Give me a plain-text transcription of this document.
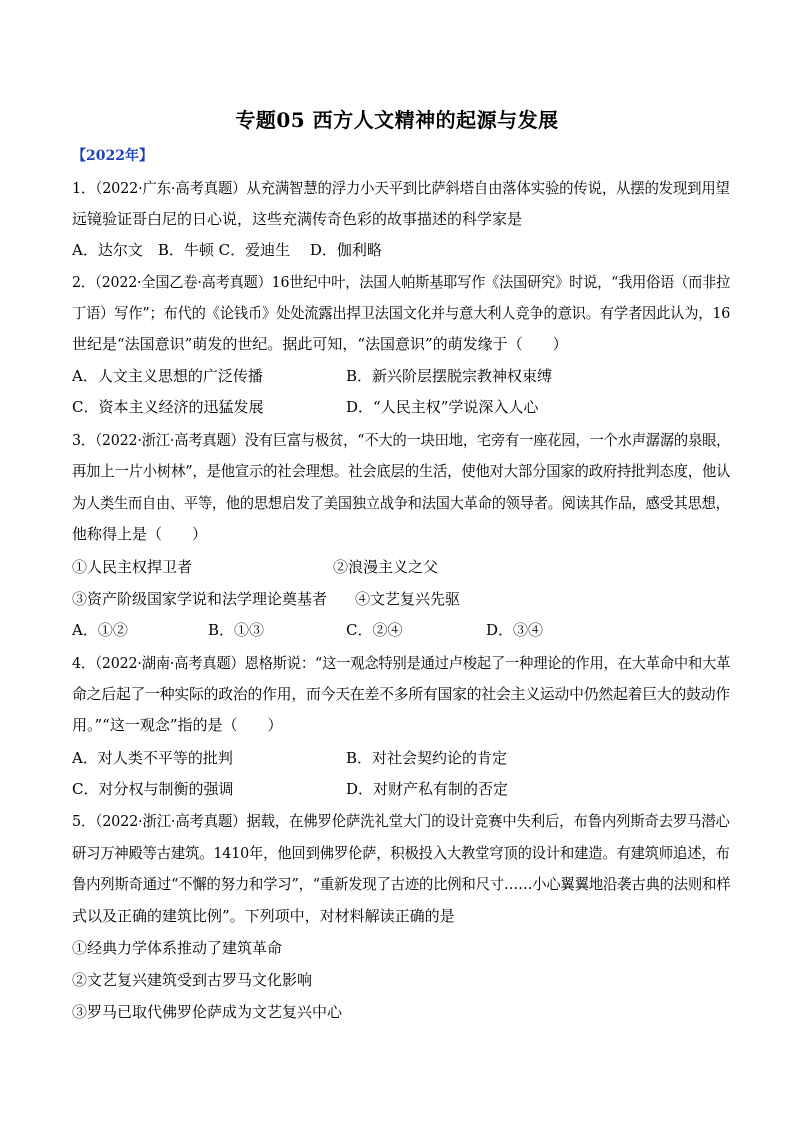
专题05 西方人文精神的起源与发展
【2022年】
1．（2022·广东·高考真题）从充满智慧的浮力小天平到比萨斜塔自由落体实验的传说，从摆的发现到用望
远镜验证哥白尼的日心说，这些充满传奇色彩的故事描述的科学家是
A．达尔文　B．牛顿 C．爱迪生　 D．伽利略
2．（2022·全国乙卷·高考真题）16世纪中叶，法国人帕斯基耶写作《法国研究》时说，“我用俗语（而非拉
丁语）写作”；布代的《论钱币》处处流露出捍卫法国文化并与意大利人竞争的意识。有学者因此认为，16
世纪是“法国意识”萌发的世纪。据此可知，“法国意识”的萌发缘于（　　）
A．人文主义思想的广泛传播	B．新兴阶层摆脱宗教神权束缚
C．资本主义经济的迅猛发展	D．“人民主权”学说深入人心
3．（2022·浙江·高考真题）没有巨富与极贫，“不大的一块田地，宅旁有一座花园，一个水声潺潺的泉眼，
再加上一片小树林”，是他宣示的社会理想。社会底层的生活，使他对大部分国家的政府持批判态度，他认
为人类生而自由、平等，他的思想启发了美国独立战争和法国大革命的领导者。阅读其作品，感受其思想，
他称得上是（　　）
①人民主权捍卫者	②浪漫主义之父
③资产阶级国家学说和法学理论奠基者 ④文艺复兴先驱
A．①②	B．①③	C．②④	D．③④
4．（2022·湖南·高考真题）恩格斯说：“这一观念特别是通过卢梭起了一种理论的作用，在大革命中和大革
命之后起了一种实际的政治的作用，而今天在差不多所有国家的社会主义运动中仍然起着巨大的鼓动作
用。”“这一观念”指的是（　　）
A．对人类不平等的批判	B．对社会契约论的肯定
C．对分权与制衡的强调	D．对财产私有制的否定
5．（2022·浙江·高考真题）据载，在佛罗伦萨洗礼堂大门的设计竞赛中失利后，布鲁内列斯奇去罗马潜心
研习万神殿等古建筑。1410年，他回到佛罗伦萨，积极投入大教堂穹顶的设计和建造。有建筑师追述，布
鲁内列斯奇通过“不懈的努力和学习”，“重新发现了古迹的比例和尺寸……小心翼翼地沿袭古典的法则和样
式以及正确的建筑比例”。下列项中，对材料解读正确的是
①经典力学体系推动了建筑革命
②文艺复兴建筑受到古罗马文化影响
③罗马已取代佛罗伦萨成为文艺复兴中心
